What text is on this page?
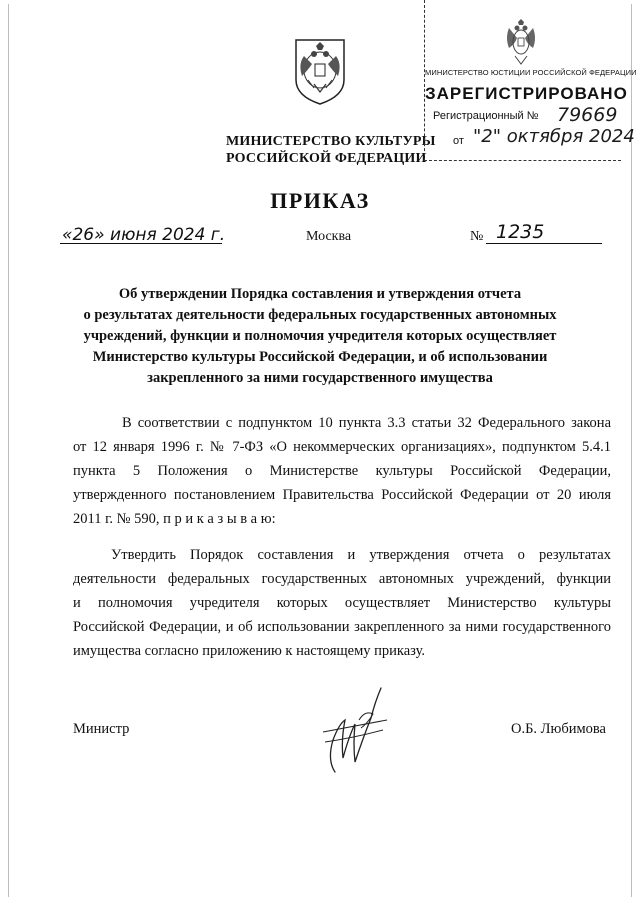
МИНИСТЕРСТВО КУЛЬТУРЫ
РОССИЙСКОЙ ФЕДЕРАЦИИ
МИНИСТЕРСТВО ЮСТИЦИИ РОССИЙСКОЙ ФЕДЕРАЦИИ
ЗАРЕГИСТРИРОВАНО
Регистрационный № 79669
от "2" октября 2024
ПРИКАЗ
«26» июня 2024 г.	Москва	№ 1235
Об утверждении Порядка составления и утверждения отчета
о результатах деятельности федеральных государственных автономных
учреждений, функции и полномочия учредителя которых осуществляет
Министерство культуры Российской Федерации, и об использовании
закрепленного за ними государственного имущества
В соответствии с подпунктом 10 пункта 3.3 статьи 32 Федерального закона
от 12 января 1996 г. № 7-ФЗ «О некоммерческих организациях», подпунктом 5.4.1
пункта 5 Положения о Министерстве культуры Российской Федерации,
утвержденного постановлением Правительства Российской Федерации от 20 июля
2011 г. № 590, п р и к а з ы в а ю:
Утвердить Порядок составления и утверждения отчета о результатах
деятельности федеральных государственных автономных учреждений, функции
и полномочия учредителя которых осуществляет Министерство культуры
Российской Федерации, и об использовании закрепленного за ними государственного
имущества согласно приложению к настоящему приказу.
Министр	О.Б. Любимова
